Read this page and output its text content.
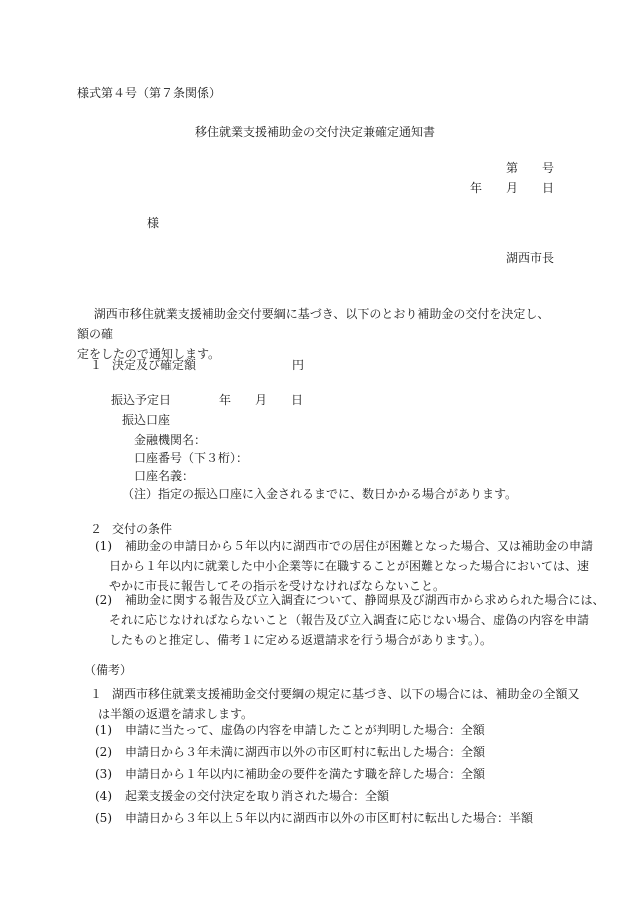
様式第４号（第７条関係）
移住就業支援補助金の交付決定兼確定通知書
第　　号
年　　月　　日
様
湖西市長
湖西市移住就業支援補助金交付要綱に基づき、以下のとおり補助金の交付を決定し、額の確
定をしたので通知します。
１ 決定及び確定額	円
振込予定日　　　　年　　月　　日
振込口座
金融機関名：
口座番号（下３桁）：
口座名義：
（注）指定の振込口座に入金されるまでに、数日かかる場合があります。
２ 交付の条件
(1) 補助金の申請日から５年以内に湖西市での居住が困難となった場合、又は補助金の申請
日から１年以内に就業した中小企業等に在職することが困難となった場合においては、速
やかに市長に報告してその指示を受けなければならないこと。
(2) 補助金に関する報告及び立入調査について、静岡県及び湖西市から求められた場合には、
それに応じなければならないこと（報告及び立入調査に応じない場合、虚偽の内容を申請
したものと推定し、備考１に定める返還請求を行う場合があります。）。
（備考）
１ 湖西市移住就業支援補助金交付要綱の規定に基づき、以下の場合には、補助金の全額又
は半額の返還を請求します。
(1) 申請に当たって、虚偽の内容を申請したことが判明した場合：全額
(2) 申請日から３年未満に湖西市以外の市区町村に転出した場合：全額
(3) 申請日から１年以内に補助金の要件を満たす職を辞した場合：全額
(4) 起業支援金の交付決定を取り消された場合：全額
(5) 申請日から３年以上５年以内に湖西市以外の市区町村に転出した場合：半額
